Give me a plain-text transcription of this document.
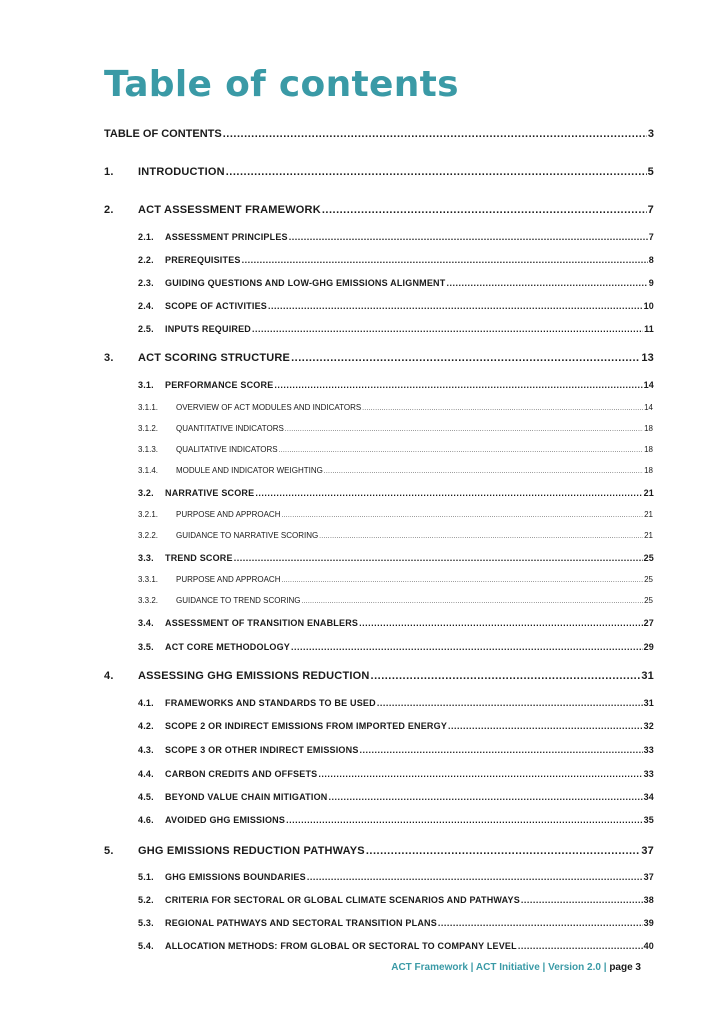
Table of contents
TABLE OF CONTENTS .....	3
1.	INTRODUCTION .....	5
2.	ACT ASSESSMENT FRAMEWORK .....	7
2.1.	ASSESSMENT PRINCIPLES .....	7
2.2.	PREREQUISITES .....	8
2.3.	GUIDING QUESTIONS AND LOW-GHG EMISSIONS ALIGNMENT .....	9
2.4.	SCOPE OF ACTIVITIES .....	10
2.5.	INPUTS REQUIRED .....	11
3.	ACT SCORING STRUCTURE .....	13
3.1.	PERFORMANCE SCORE .....	14
3.1.1.	OVERVIEW OF ACT MODULES AND INDICATORS .....	14
3.1.2.	QUANTITATIVE INDICATORS .....	18
3.1.3.	QUALITATIVE INDICATORS .....	18
3.1.4.	MODULE AND INDICATOR WEIGHTING .....	18
3.2.	NARRATIVE SCORE .....	21
3.2.1.	PURPOSE AND APPROACH .....	21
3.2.2.	GUIDANCE TO NARRATIVE SCORING .....	21
3.3.	TREND SCORE .....	25
3.3.1.	PURPOSE AND APPROACH .....	25
3.3.2.	GUIDANCE TO TREND SCORING .....	25
3.4.	ASSESSMENT OF TRANSITION ENABLERS .....	27
3.5.	ACT CORE METHODOLOGY .....	29
4.	ASSESSING GHG EMISSIONS REDUCTION .....	31
4.1.	FRAMEWORKS AND STANDARDS TO BE USED .....	31
4.2.	SCOPE 2 OR INDIRECT EMISSIONS FROM IMPORTED ENERGY .....	32
4.3.	SCOPE 3 OR OTHER INDIRECT EMISSIONS .....	33
4.4.	CARBON CREDITS AND OFFSETS .....	33
4.5.	BEYOND VALUE CHAIN MITIGATION .....	34
4.6.	AVOIDED GHG EMISSIONS .....	35
5.	GHG EMISSIONS REDUCTION PATHWAYS .....	37
5.1.	GHG EMISSIONS BOUNDARIES .....	37
5.2.	CRITERIA FOR SECTORAL OR GLOBAL CLIMATE SCENARIOS AND PATHWAYS .....	38
5.3.	REGIONAL PATHWAYS AND SECTORAL TRANSITION PLANS .....	39
5.4.	ALLOCATION METHODS: FROM GLOBAL OR SECTORAL TO COMPANY LEVEL .....	40
ACT Framework | ACT Initiative | Version 2.0 | page 3
